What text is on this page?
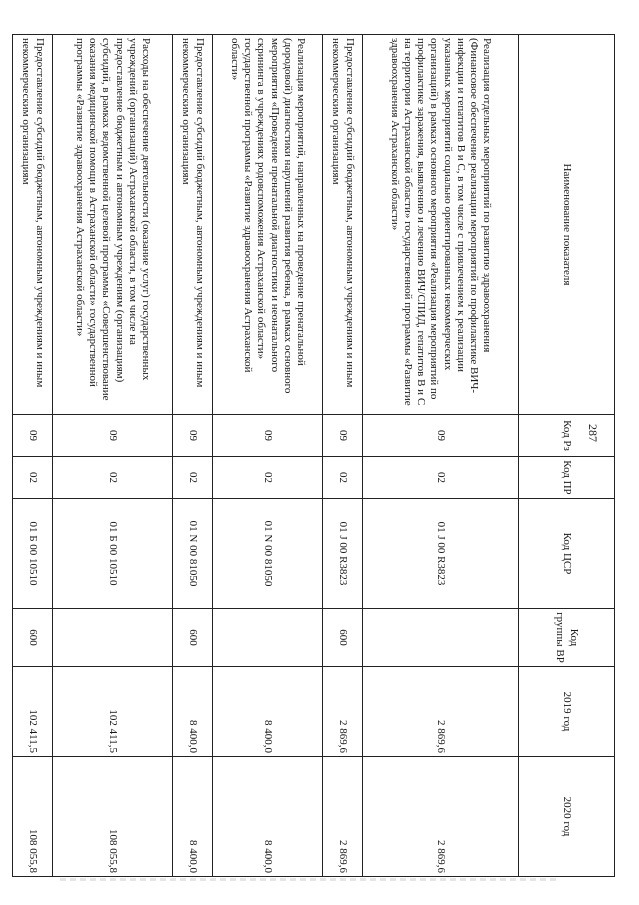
287
Наименование показателя	Код Рз	Код ПР	Код ЦСР	Код группы ВР	2019 год	2020 год
Реализация отдельных мероприятий по развитию здравоохранения (Финансовое обеспечение реализации мероприятий по профилактике ВИЧ-инфекции и гепатитов В и С, в том числе с привлечением к реализации указанных мероприятий социально ориентированных некоммерческих организаций) в рамках основного мероприятия «Реализация мероприятий по профилактике заражения, выявлению и лечению ВИЧ/СПИД, гепатитов В и С на территории Астраханской области» государственной программы «Развитие здравоохранения Астраханской области»	09	02	01 J 00 R3823		2 869,6	2 869,6
Предоставление субсидий бюджетным, автономным учреждениям и иным некоммерческим организациям	09	02	01 J 00 R3823	600	2 869,6	2 869,6
Реализация мероприятий, направленных на проведение пренатальной (дородовой) диагностики нарушений развития ребенка, в рамках основного мероприятия «Проведение пренатальной диагностики и неонатального скрининга в учреждениях родовспоможения Астраханской области» государственной программы «Развитие здравоохранения Астраханской области»	09	02	01 N 00 81050		8 400,0	8 400,0
Предоставление субсидий бюджетным, автономным учреждениям и иным некоммерческим организациям	09	02	01 N 00 81050	600	8 400,0	8 400,0
Расходы на обеспечение деятельности (оказание услуг) государственных учреждений (организаций) Астраханской области, в том числе на предоставление бюджетным и автономным учреждениям (организациям) субсидий, в рамках ведомственной целевой программы «Совершенствование оказания медицинской помощи в Астраханской области» государственной программы «Развитие здравоохранения Астраханской области»	09	02	01 Б 00 10510		102 411,5	108 055,8
Предоставление субсидий бюджетным, автономным учреждениям и иным некоммерческим организациям	09	02	01 Б 00 10510	600	102 411,5	108 055,8
